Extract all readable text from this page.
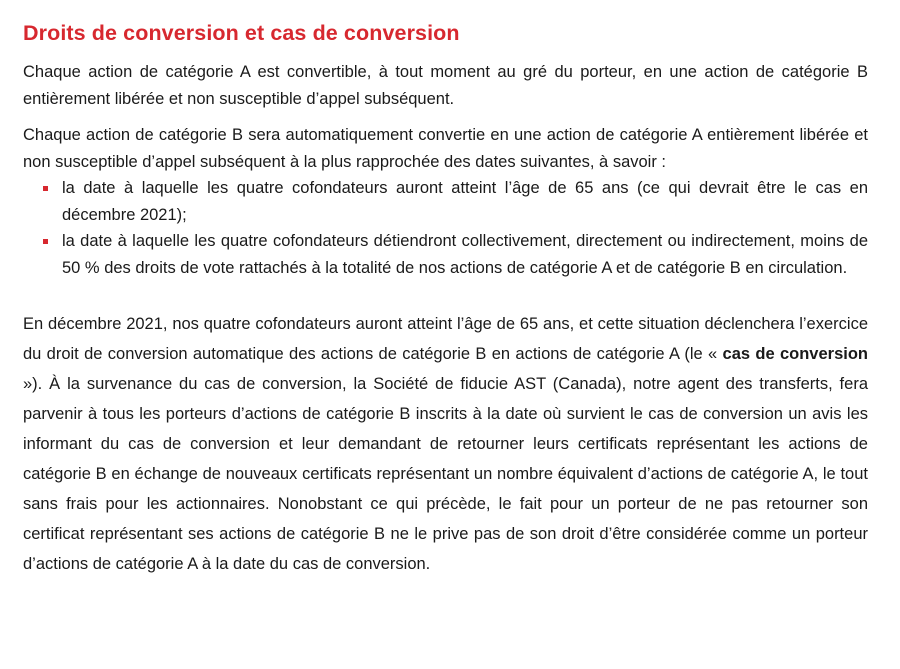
Droits de conversion et cas de conversion

Chaque action de catégorie A est convertible, à tout moment au gré du porteur, en une action de catégorie B entièrement libérée et non susceptible d’appel subséquent.

Chaque action de catégorie B sera automatiquement convertie en une action de catégorie A entièrement libérée et non susceptible d’appel subséquent à la plus rapprochée des dates suivantes, à savoir :

la date à laquelle les quatre cofondateurs auront atteint l’âge de 65 ans (ce qui devrait être le cas en décembre 2021);
la date à laquelle les quatre cofondateurs détiendront collectivement, directement ou indirectement, moins de 50 % des droits de vote rattachés à la totalité de nos actions de catégorie A et de catégorie B en circulation.

En décembre 2021, nos quatre cofondateurs auront atteint l’âge de 65 ans, et cette situation déclenchera l’exercice du droit de conversion automatique des actions de catégorie B en actions de catégorie A (le « cas de conversion »). À la survenance du cas de conversion, la Société de fiducie AST (Canada), notre agent des transferts, fera parvenir à tous les porteurs d’actions de catégorie B inscrits à la date où survient le cas de conversion un avis les informant du cas de conversion et leur demandant de retourner leurs certificats représentant les actions de catégorie B en échange de nouveaux certificats représentant un nombre équivalent d’actions de catégorie A, le tout sans frais pour les actionnaires. Nonobstant ce qui précède, le fait pour un porteur de ne pas retourner son certificat représentant ses actions de catégorie B ne le prive pas de son droit d’être considérée comme un porteur d’actions de catégorie A à la date du cas de conversion.
